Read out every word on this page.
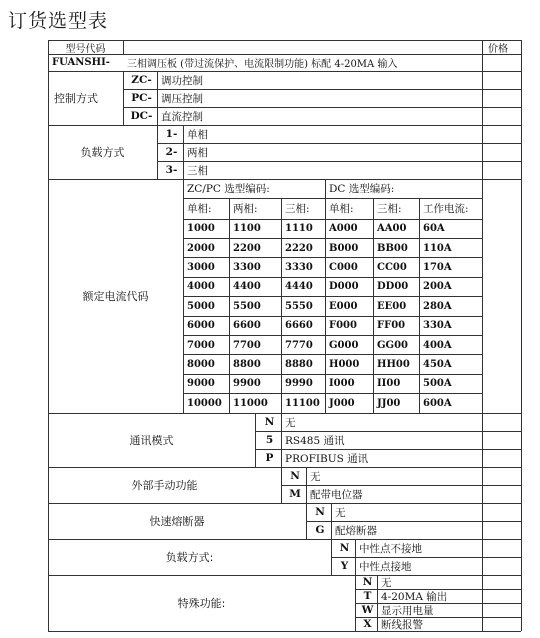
订货选型表
型号代码	价格
FUANSHI-	三相调压板 (带过流保护、电流限制功能) 标配 4-20MA 输入
控制方式
ZC- 调功控制
PC- 调压控制
DC- 直流控制
负载方式
1- 单相
2- 两相
3- 三相
额定电流代码
ZC/PC 选型编码:	DC 选型编码:
单相:	两相:	三相:	单相:	三相:	工作电流:
1000	1100	1110	A000	AA00	60A
2000	2200	2220	B000	BB00	110A
3000	3300	3330	C000	CC00	170A
4000	4400	4440	D000	DD00	200A
5000	5500	5550	E000	EE00	280A
6000	6600	6660	F000	FF00	330A
7000	7700	7770	G000	GG00	400A
8000	8800	8880	H000	HH00	450A
9000	9900	9990	I000	II00	500A
10000	11000	11100 J000	JJ00	600A
通讯模式
N	无
5	RS485 通讯
P	PROFIBUS 通讯
外部手动功能
N 无
M 配带电位器
快速熔断器
N 无
G	配熔断器
负载方式:
N 中性点不接地
Y	中性点接地
特殊功能:
N 无
T 4-20MA 输出
W 显示用电量
X 断线报警
